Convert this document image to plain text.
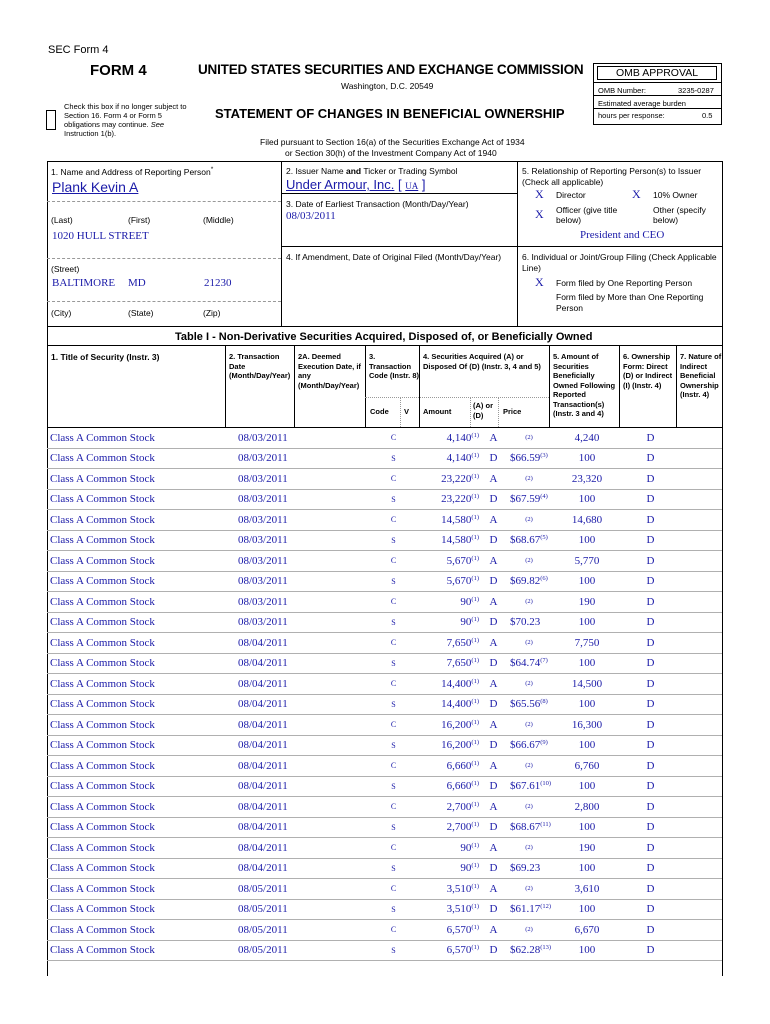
SEC Form 4
FORM 4	UNITED STATES SECURITIES AND EXCHANGE COMMISSION
Washington, D.C. 20549
STATEMENT OF CHANGES IN BENEFICIAL OWNERSHIP
Check this box if no longer subject to Section 16. Form 4 or Form 5 obligations may continue. See Instruction 1(b).
OMB APPROVAL
OMB Number:	3235-0287
Estimated average burden
hours per response:	0.5
Filed pursuant to Section 16(a) of the Securities Exchange Act of 1934
or Section 30(h) of the Investment Company Act of 1940
1. Name and Address of Reporting Person*
Plank Kevin A
(Last)	(First)	(Middle)
1020 HULL STREET
(Street)
BALTIMORE MD	21230
(City)	(State)	(Zip)
2. Issuer Name and Ticker or Trading Symbol
Under Armour, Inc. [ UA ]
3. Date of Earliest Transaction (Month/Day/Year)
08/03/2011
4. If Amendment, Date of Original Filed (Month/Day/Year)
5. Relationship of Reporting Person(s) to Issuer
(Check all applicable)
X Director	X 10% Owner
X Officer (give title below)
Other (specify below)
President and CEO
6. Individual or Joint/Group Filing (Check Applicable Line)
X Form filed by One Reporting Person
Form filed by More than One Reporting Person
Table I - Non-Derivative Securities Acquired, Disposed of, or Beneficially Owned
1. Title of Security (Instr. 3)	2. Transaction Date (Month/Day/Year)
2A. Deemed Execution Date, if any (Month/Day/Year)
3. Transaction Code (Instr. 8)
4. Securities Acquired (A) or Disposed Of (D) (Instr. 3, 4 and 5)
5. Amount of Securities Beneficially Owned Following Reported Transaction(s) (Instr. 3 and 4)
6. Ownership Form: Direct (D) or Indirect (I) (Instr. 4)
7. Nature of Indirect Beneficial Ownership (Instr. 4)
Code V Amount
(A) or (D)	Price
Class A Common Stock	08/03/2011		C		4,140$^{(1)}$	A	(2)	4,240	D	
Class A Common Stock	08/03/2011		S		4,140$^{(1)}$	D	$66.59 (3)	100	D	
Class A Common Stock	08/03/2011		C		23,220$^{(1)}$	A	(2)	23,320	D	
Class A Common Stock	08/03/2011		S		23,220$^{(1)}$	D	$67.59 (4)	100	D	
Class A Common Stock	08/03/2011		C		14,580$^{(1)}$	A	(2)	14,680	D	
Class A Common Stock	08/03/2011		S		14,580$^{(1)}$	D	$68.67 (5)	100	D	
Class A Common Stock	08/03/2011		C		5,670$^{(1)}$	A	(2)	5,770	D	
Class A Common Stock	08/03/2011		S		5,670$^{(1)}$	D	$69.82 (6)	100	D	
Class A Common Stock	08/03/2011		C		90$^{(1)}$	A	(2)	190	D	
Class A Common Stock	08/03/2011		S		90$^{(1)}$	D	$70.23	100	D	
Class A Common Stock	08/04/2011		C		7,650$^{(1)}$	A	(2)	7,750	D	
Class A Common Stock	08/04/2011		S		7,650$^{(1)}$	D	$64.74 (7)	100	D	
Class A Common Stock	08/04/2011		C		14,400$^{(1)}$	A	(2)	14,500	D	
Class A Common Stock	08/04/2011		S		14,400$^{(1)}$	D	$65.56 (8)	100	D	
Class A Common Stock	08/04/2011		C		16,200$^{(1)}$	A	(2)	16,300	D	
Class A Common Stock	08/04/2011		S		16,200$^{(1)}$	D	$66.67 (9)	100	D	
Class A Common Stock	08/04/2011		C		6,660$^{(1)}$	A	(2)	6,760	D	
Class A Common Stock	08/04/2011		S		6,660$^{(1)}$	D	$67.61 (10)	100	D	
Class A Common Stock	08/04/2011		C		2,700$^{(1)}$	A	(2)	2,800	D	
Class A Common Stock	08/04/2011		S		2,700$^{(1)}$	D	$68.67 (11)	100	D	
Class A Common Stock	08/04/2011		C		90$^{(1)}$	A	(2)	190	D	
Class A Common Stock	08/04/2011		S		90$^{(1)}$	D	$69.23	100	D	
Class A Common Stock	08/05/2011		C		3,510$^{(1)}$	A	(2)	3,610	D	
Class A Common Stock	08/05/2011		S		3,510$^{(1)}$	D	$61.17 (12)	100	D	
Class A Common Stock	08/05/2011		C		6,570$^{(1)}$	A	(2)	6,670	D	
Class A Common Stock	08/05/2011		S		6,570$^{(1)}$	D	$62.28 (13)	100	D	
